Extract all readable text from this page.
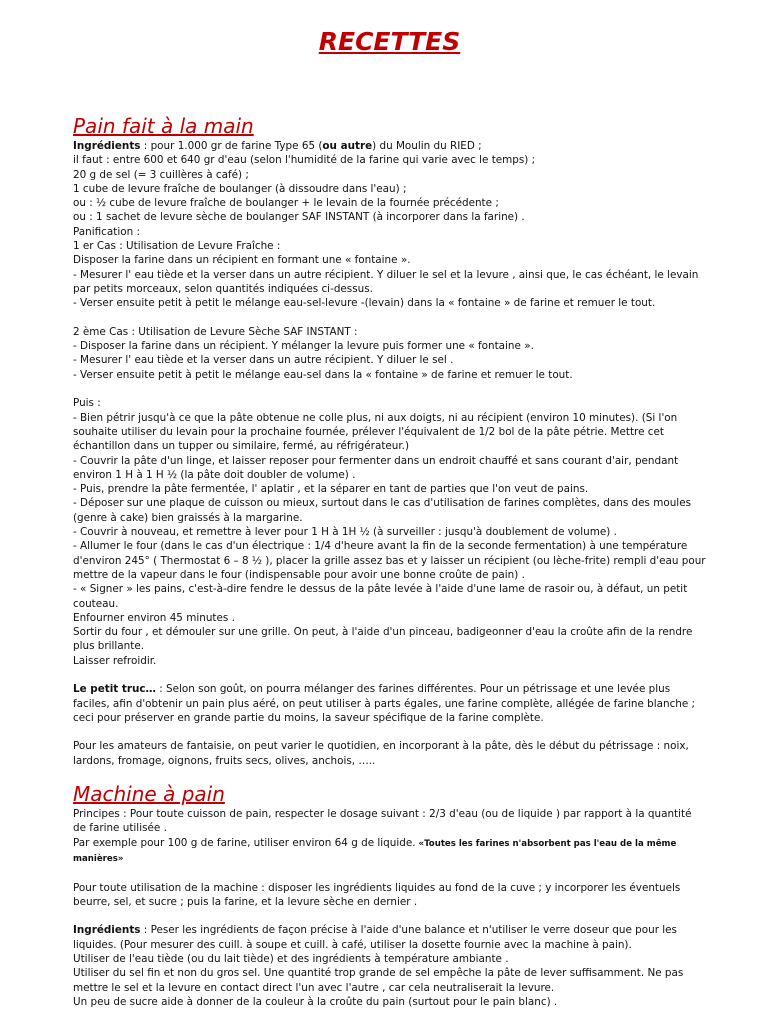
RECETTES
Pain fait à la main

Ingrédients : pour 1.000 gr de farine Type 65 (ou autre) du Moulin du RIED ;

il faut : entre 600 et 640 gr d'eau (selon l'humidité de la farine qui varie avec le temps) ;

20 g de sel (= 3 cuillères à café) ;

1 cube de levure fraîche de boulanger (à dissoudre dans l'eau) ;

ou : ½ cube de levure fraîche de boulanger + le levain de la fournée précédente ;

ou : 1 sachet de levure sèche de boulanger SAF INSTANT (à incorporer dans la farine) .

Panification :

1 er Cas : Utilisation de Levure Fraîche :

Disposer la farine dans un récipient en formant une « fontaine ».

- Mesurer l' eau tiède et la verser dans un autre récipient. Y diluer le sel et la levure , ainsi que, le cas échéant, le levain par petits morceaux, selon quantités indiquées ci-dessus.

- Verser ensuite petit à petit le mélange eau-sel-levure -(levain) dans la « fontaine » de farine et remuer le tout.

2 ème Cas : Utilisation de Levure Sèche SAF INSTANT :

- Disposer la farine dans un récipient. Y mélanger la levure puis former une « fontaine ».

- Mesurer l' eau tiède et la verser dans un autre récipient. Y diluer le sel .

- Verser ensuite petit à petit le mélange eau-sel dans la « fontaine » de farine et remuer le tout.

Puis :

- Bien pétrir jusqu'à ce que la pâte obtenue ne colle plus, ni aux doigts, ni au récipient (environ 10 minutes). (Si l'on souhaite utiliser du levain pour la prochaine fournée, prélever l'équivalent de 1/2 bol de la pâte pétrie. Mettre cet échantillon dans un tupper ou similaire, fermé, au réfrigérateur.)

- Couvrir la pâte d'un linge, et laisser reposer pour fermenter dans un endroit chauffé et sans courant d'air, pendant environ 1 H à 1 H ½ (la pâte doit doubler de volume) .

- Puis, prendre la pâte fermentée, l' aplatir , et la séparer en tant de parties que l'on veut de pains.

- Déposer sur une plaque de cuisson ou mieux, surtout dans le cas d'utilisation de farines complètes, dans des moules (genre à cake) bien graissés à la margarine.

- Couvrir à nouveau, et remettre à lever pour 1 H à 1H ½ (à surveiller : jusqu'à doublement de volume) .

- Allumer le four (dans le cas d'un électrique : 1/4 d'heure avant la fin de la seconde fermentation) à une température d'environ 245° ( Thermostat 6 – 8 ½ ), placer la grille assez bas et y laisser un récipient (ou lèche-frite) rempli d'eau pour mettre de la vapeur dans le four (indispensable pour avoir une bonne croûte de pain) .

- « Signer » les pains, c'est-à-dire fendre le dessus de la pâte levée à l'aide d'une lame de rasoir ou, à défaut, un petit couteau.

Enfourner environ 45 minutes .

Sortir du four , et démouler sur une grille. On peut, à l'aide d'un pinceau, badigeonner d'eau la croûte afin de la rendre plus brillante.

Laisser refroidir.

Le petit truc… : Selon son goût, on pourra mélanger des farines différentes. Pour un pétrissage et une levée plus faciles, afin d'obtenir un pain plus aéré, on peut utiliser à parts égales, une farine complète, allégée de farine blanche ; ceci pour préserver en grande partie du moins, la saveur spécifique de la farine complète.

Pour les amateurs de fantaisie, on peut varier le quotidien, en incorporant à la pâte, dès le début du pétrissage : noix, lardons, fromage, oignons, fruits secs, olives, anchois, …..

Machine à pain

Principes : Pour toute cuisson de pain, respecter le dosage suivant : 2/3 d'eau (ou de liquide ) par rapport à la quantité de farine utilisée .

Par exemple pour 100 g de farine, utiliser environ 64 g de liquide. «Toutes les farines n'absorbent pas l'eau de la même manières»

Pour toute utilisation de la machine : disposer les ingrédients liquides au fond de la cuve ; y incorporer les éventuels beurre, sel, et sucre ; puis la farine, et la levure sèche en dernier .

Ingrédients : Peser les ingrédients de façon précise à l'aide d'une balance et n'utiliser le verre doseur que pour les liquides. (Pour mesurer des cuill. à soupe et cuill. à café, utiliser la dosette fournie avec la machine à pain).

Utiliser de l'eau tiède (ou du lait tiède) et des ingrédients à température ambiante .

Utiliser du sel fin et non du gros sel. Une quantité trop grande de sel empêche la pâte de lever suffisamment. Ne pas mettre le sel et la levure en contact direct l'un avec l'autre , car cela neutraliserait la levure.

Un peu de sucre aide à donner de la couleur à la croûte du pain (surtout pour le pain blanc) .
